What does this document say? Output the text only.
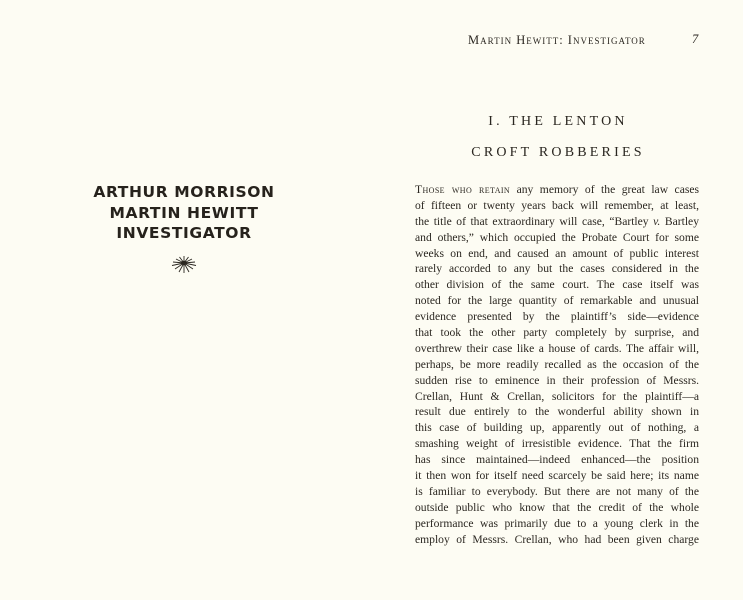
ARTHUR MORRISON
MARTIN HEWITT
INVESTIGATOR
Martin Hewitt: Investigator	7
I. THE LENTON
CROFT ROBBERIES
Those who retain any memory of the great law cases
of fifteen or twenty years back will remember, at least,
the title of that extraordinary will case, “Bartley v. Bartley
and others,” which occupied the Probate Court for some
weeks on end, and caused an amount of public interest
rarely accorded to any but the cases considered in the
other division of the same court. The case itself was
noted for the large quantity of remarkable and unusual
evidence presented by the plaintiff’s side—evidence
that took the other party completely by surprise, and
overthrew their case like a house of cards. The affair will,
perhaps, be more readily recalled as the occasion of the
sudden rise to eminence in their profession of Messrs.
Crellan, Hunt & Crellan, solicitors for the plaintiff—a
result due entirely to the wonderful ability shown in
this case of building up, apparently out of nothing, a
smashing weight of irresistible evidence. That the firm
has since maintained—indeed enhanced—the position
it then won for itself need scarcely be said here; its name
is familiar to everybody. But there are not many of the
outside public who know that the credit of the whole
performance was primarily due to a young clerk in the
employ of Messrs. Crellan, who had been given charge
